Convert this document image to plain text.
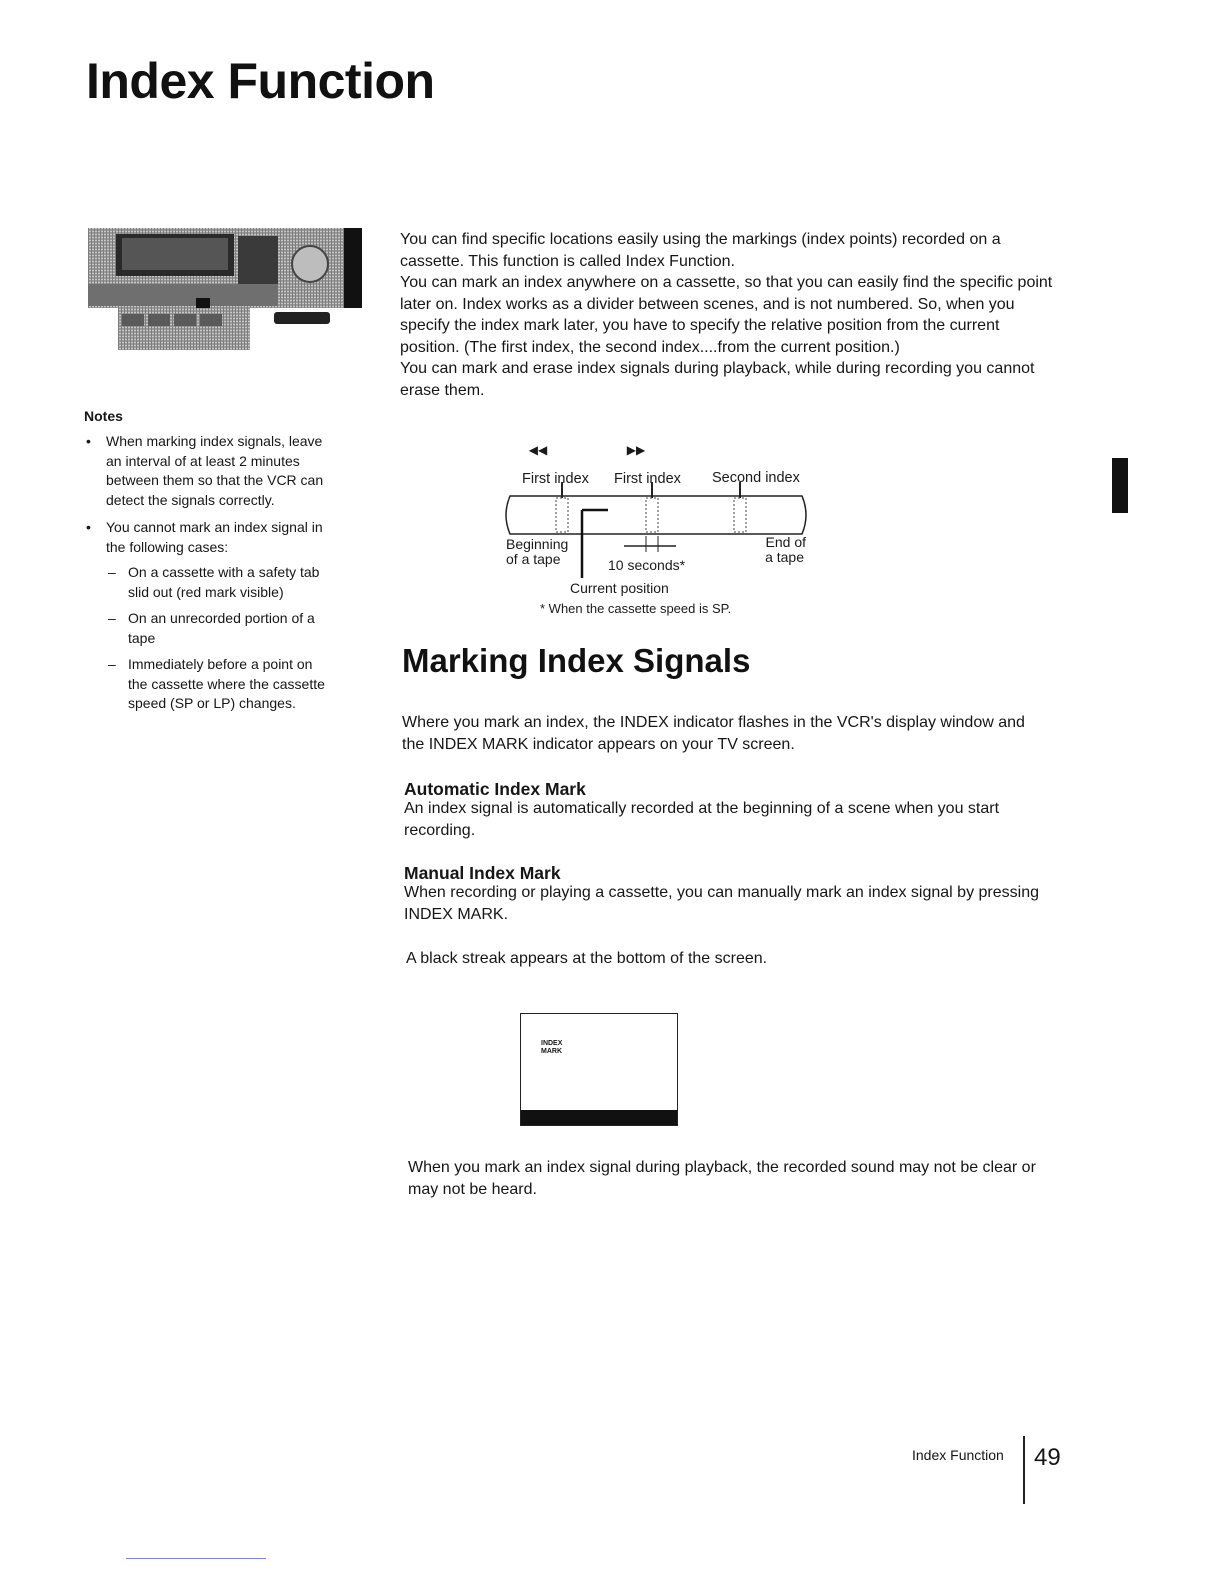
Index Function

Notes

• When marking index signals, leave an interval of at least 2 minutes between them so that the VCR can detect the signals correctly.
• You cannot mark an index signal in the following cases:
– On a cassette with a safety tab slid out (red mark visible)
– On an unrecorded portion of a tape
– Immediately before a point on the cassette where the cassette speed (SP or LP) changes.

You can find specific locations easily using the markings (index points) recorded on a cassette. This function is called Index Function.

You can mark an index anywhere on a cassette, so that you can easily find the specific point later on. Index works as a divider between scenes, and is not numbered. So, when you specify the index mark later, you have to specify the relative position from the current position. (The first index, the second index....from the current position.)

You can mark and erase index signals during playback, while during recording you cannot erase them.

◀◀	▶▶
First index First index Second index
Beginning
of a tape
End of
a tape
10 seconds*
Current position
* When the cassette speed is SP.
Marking Index Signals

Where you mark an index, the INDEX indicator flashes in the VCR's display window and the INDEX MARK indicator appears on your TV screen.

Automatic Index Mark

An index signal is automatically recorded at the beginning of a scene when you start recording.

Manual Index Mark

When recording or playing a cassette, you can manually mark an index signal by pressing INDEX MARK.

A black streak appears at the bottom of the screen.

INDEX
MARK

When you mark an index signal during playback, the recorded sound may not be clear or may not be heard.

Index Function 49
